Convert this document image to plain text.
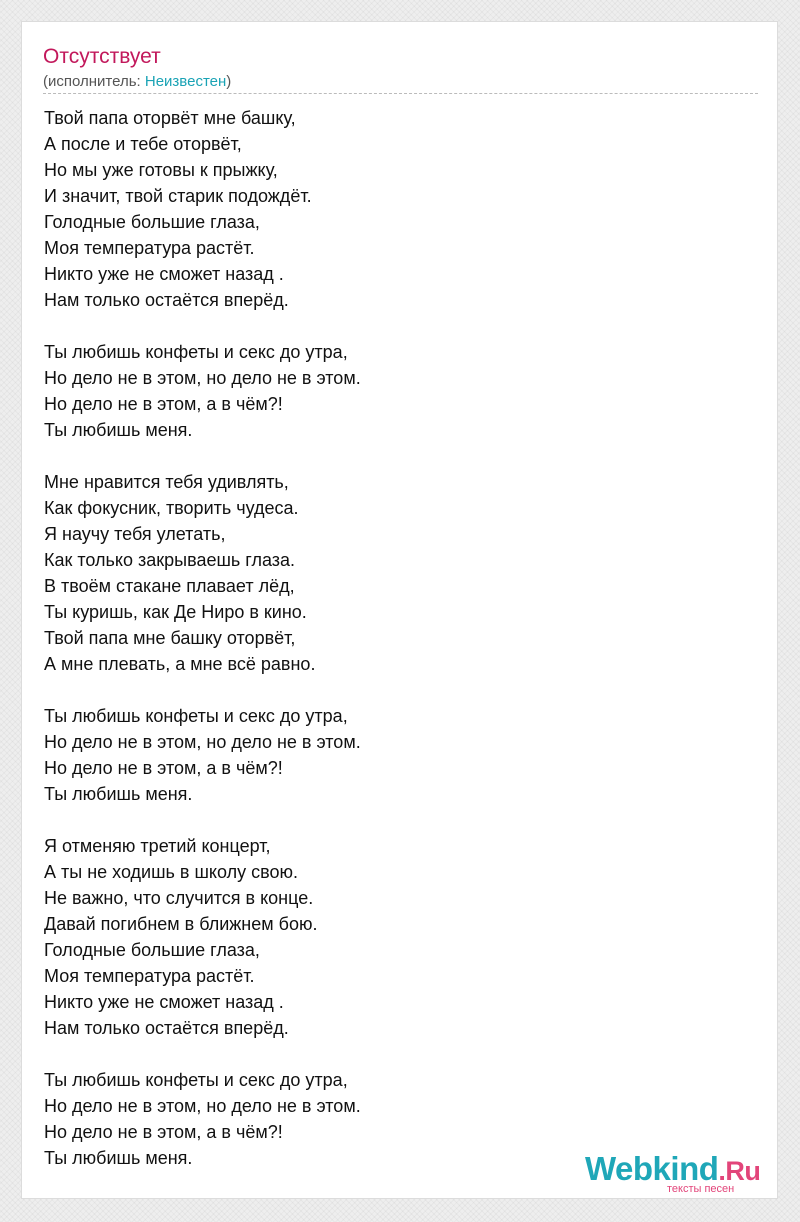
Отсутствует
(исполнитель: Неизвестен)
Твой папа оторвёт мне башку,
А после и тебе оторвёт,
Но мы уже готовы к прыжку,
И значит, твой старик подождёт.
Голодные большие глаза,
Моя температура растёт.
Никто уже не сможет назад .
Нам только остаётся вперёд.
Ты любишь конфеты и секс до утра,
Но дело не в этом, но дело не в этом.
Но дело не в этом, а в чём?!
Ты любишь меня.
Мне нравится тебя удивлять,
Как фокусник, творить чудеса.
Я научу тебя улетать,
Как только закрываешь глаза.
В твоём стакане плавает лёд,
Ты куришь, как Де Ниро в кино.
Твой папа мне башку оторвёт,
А мне плевать, а мне всё равно.
Ты любишь конфеты и секс до утра,
Но дело не в этом, но дело не в этом.
Но дело не в этом, а в чём?!
Ты любишь меня.
Я отменяю третий концерт,
А ты не ходишь в школу свою.
Не важно, что случится в конце.
Давай погибнем в ближнем бою.
Голодные большие глаза,
Моя температура растёт.
Никто уже не сможет назад .
Нам только остаётся вперёд.
Ты любишь конфеты и секс до утра,
Но дело не в этом, но дело не в этом.
Но дело не в этом, а в чём?!
Ты любишь меня.	Webkind.Ru
тексты песен
